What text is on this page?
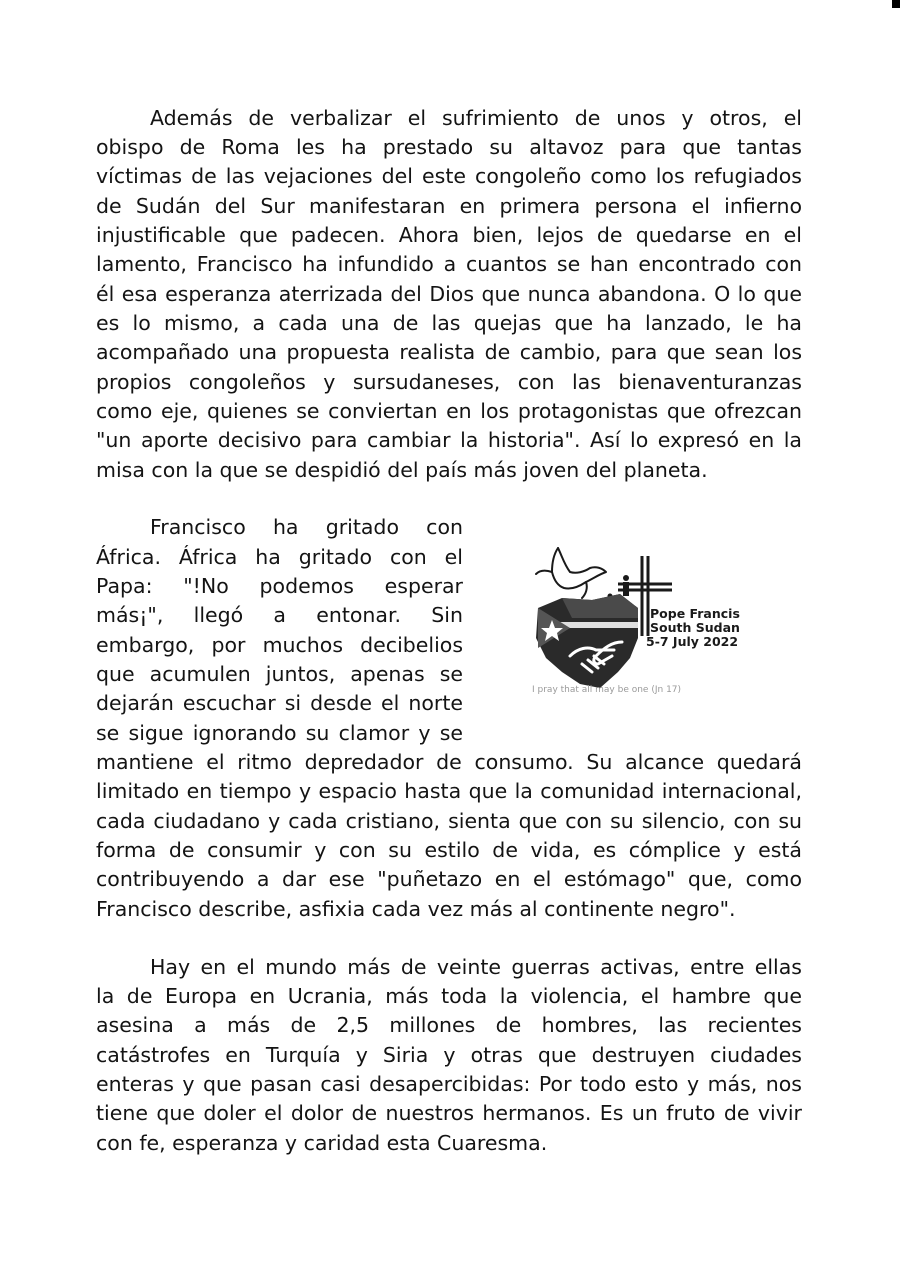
Además de verbalizar el sufrimiento de unos y otros, el
obispo de Roma les ha prestado su altavoz para que tantas
víctimas de las vejaciones del este congoleño como los refugiados
de Sudán del Sur manifestaran en primera persona el infierno
injustificable que padecen. Ahora bien, lejos de quedarse en el
lamento, Francisco ha infundido a cuantos se han encontrado con
él esa esperanza aterrizada del Dios que nunca abandona. O lo que
es lo mismo, a cada una de las quejas que ha lanzado, le ha
acompañado una propuesta realista de cambio, para que sean los
propios congoleños y sursudaneses, con las bienaventuranzas
como eje, quienes se conviertan en los protagonistas que ofrezcan
"un aporte decisivo para cambiar la historia". Así lo expresó en la
misa con la que se despidió del país más joven del planeta.
Francisco ha gritado con
África. África ha gritado con el
Papa: "!No podemos esperar
más¡", llegó a entonar. Sin
embargo, por muchos decibelios
que acumulen juntos, apenas se
dejarán escuchar si desde el norte
se sigue ignorando su clamor y se
mantiene el ritmo depredador de consumo. Su alcance quedará
limitado en tiempo y espacio hasta que la comunidad internacional,
cada ciudadano y cada cristiano, sienta que con su silencio, con su
forma de consumir y con su estilo de vida, es cómplice y está
contribuyendo a dar ese "puñetazo en el estómago" que, como
Francisco describe, asfixia cada vez más al continente negro".
Pope Francis
South Sudan
5-7 July 2022
I pray that all may be one (Jn 17)
Hay en el mundo más de veinte guerras activas, entre ellas
la de Europa en Ucrania, más toda la violencia, el hambre que
asesina a más de 2,5 millones de hombres, las recientes
catástrofes en Turquía y Siria y otras que destruyen ciudades
enteras y que pasan casi desapercibidas: Por todo esto y más, nos
tiene que doler el dolor de nuestros hermanos. Es un fruto de vivir
con fe, esperanza y caridad esta Cuaresma.
